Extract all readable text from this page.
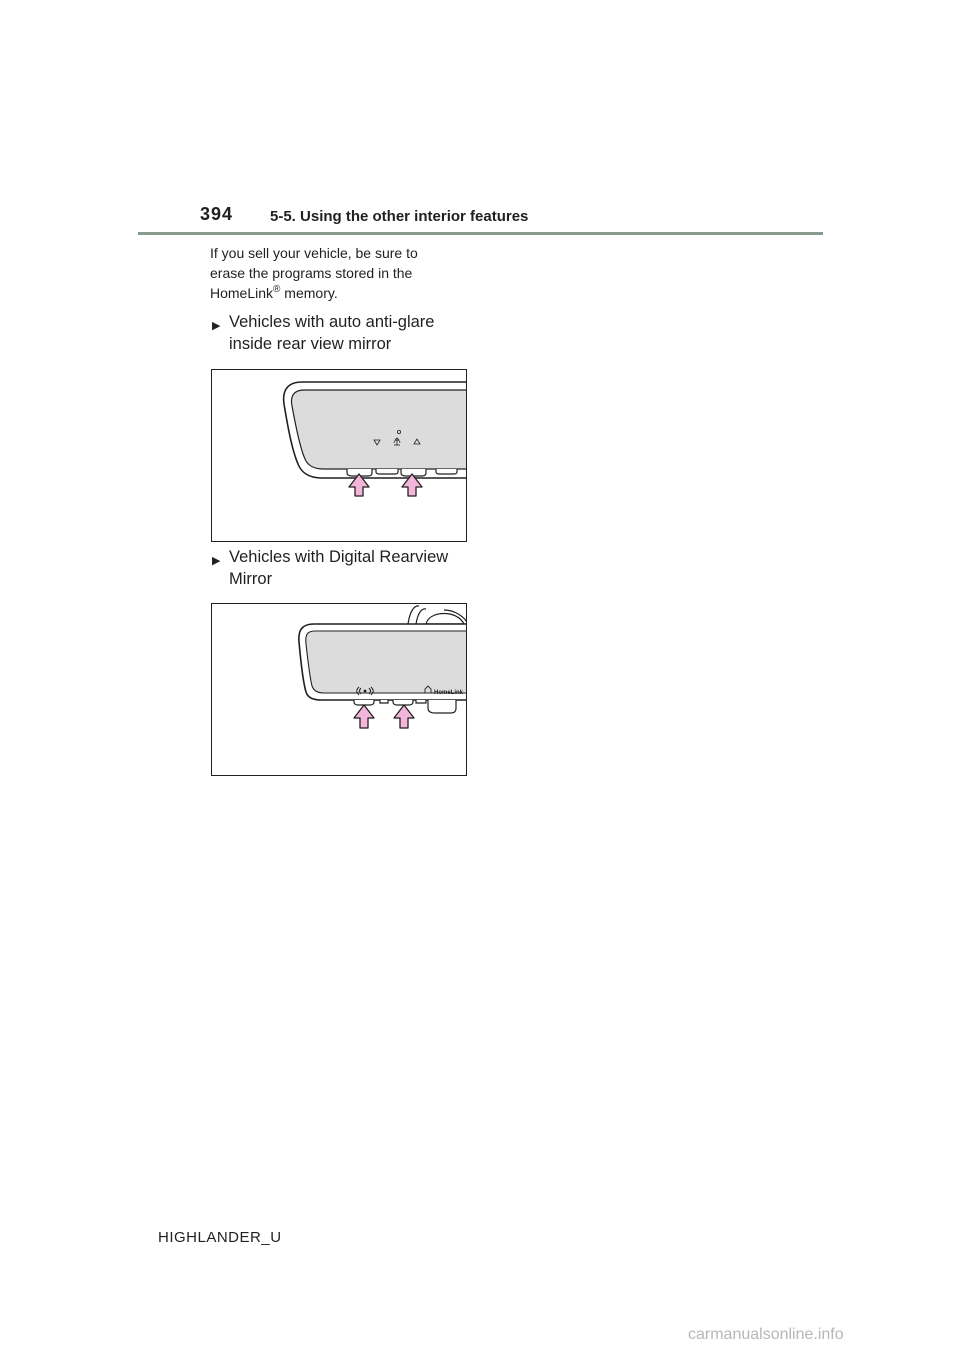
394 5-5. Using the other interior features
If you sell your vehicle, be sure to
erase the programs stored in the
HomeLink® memory.
▶ Vehicles with auto anti-glare inside rear view mirror
▶ Vehicles with Digital Rearview Mirror
HomeLink
HIGHLANDER_U
carmanualsonline.info
